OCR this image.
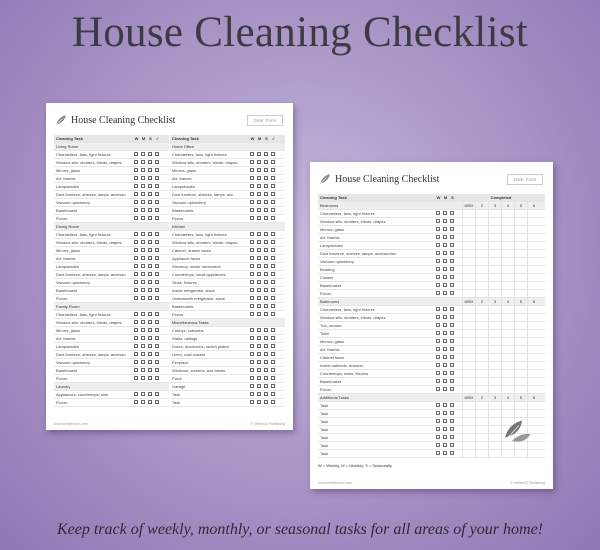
House Cleaning Checklist
House Cleaning Checklist	Date: Form
Cleaning Task	W M S ✓
Living Room
Chandeliers, fans, light fixtures
Window sills, shutters, blinds, drapes
Mirrors, glass
Art, frames
Lampshades
Dust furniture, shelves, lamps, accesso
Vacuum upholstery
Baseboards
Floors
Dining Room
Chandeliers, fans, light fixtures
Window sills, shutters, blinds, drapes
Mirrors, glass
Art, frames
Lampshades
Dust furniture, shelves, lamps, accesso
Vacuum upholstery
Baseboards
Floors
Family Room
Chandeliers, fans, light fixtures
Window sills, shutters, blinds, drapes
Mirrors, glass
Art, frames
Lampshades
Dust furniture, shelves, lamps, accesso
Vacuum upholstery
Baseboards
Floors
Laundry
Appliances, countertops, sink
Floors
Cleaning Task	W M S ✓
Home Office
Chandeliers, fans, light fixtures
Window sills, shutters, blinds, drapes
Mirrors, glass
Art, frames
Lampshades
Dust furniture, shelves, lamps, acc
Vacuum upholstery
Baseboards
Floors
Kitchen
Chandeliers, fans, light fixtures
Window sills, shutters, blinds, drapes
Cabinet, drawer faces
Appliance faces
Stovetop, inside microwave
Countertops, small appliances
Sinks, fixtures
Inside refrigerator, stove
Underneath refrigerator, stove
Baseboards
Floors
Miscellaneous Tasks
Cubbys, cobwebs
Stairs, railings
Doors, doorknobs, switch plates
Linen, coat closets
Fireplace
Windows, screens, and tracks
Porch
Garage
Task
Task
brochure@home.com	© Vertex42 Publishing
House Cleaning Checklist	Date: Form
Cleaning Task	W M S	Completed
Bedrooms	MSH 2	3	4	5	6
Chandeliers, fans, light fixtures
Window sills, shutters, blinds, drapes
Mirrors, glass
Art, frames
Lampshades
Dust furniture, shelves, lamps, accessories
Vacuum upholstery
Bedding
Closets
Baseboards
Floors
Bathrooms	MSH 2	3	4	5	6
Chandeliers, fans, light fixtures
Window sills, shutters, blinds, drapes
Tub, shower
Toilet
Mirrors, glass
Art, frames
Cabinet faces
Inside cabinets, drawers
Countertops, sinks, fixtures
Baseboards
Floors
Additional Tasks	MSH 2	3	4	5	6
Task
Task
Task
Task
Task
Task
Task
W = Weekly, M = Monthly, S = Seasonally
brochure@home.com	© Vertex42 Publishing
Keep track of weekly, monthly, or seasonal tasks for all areas of your home!
